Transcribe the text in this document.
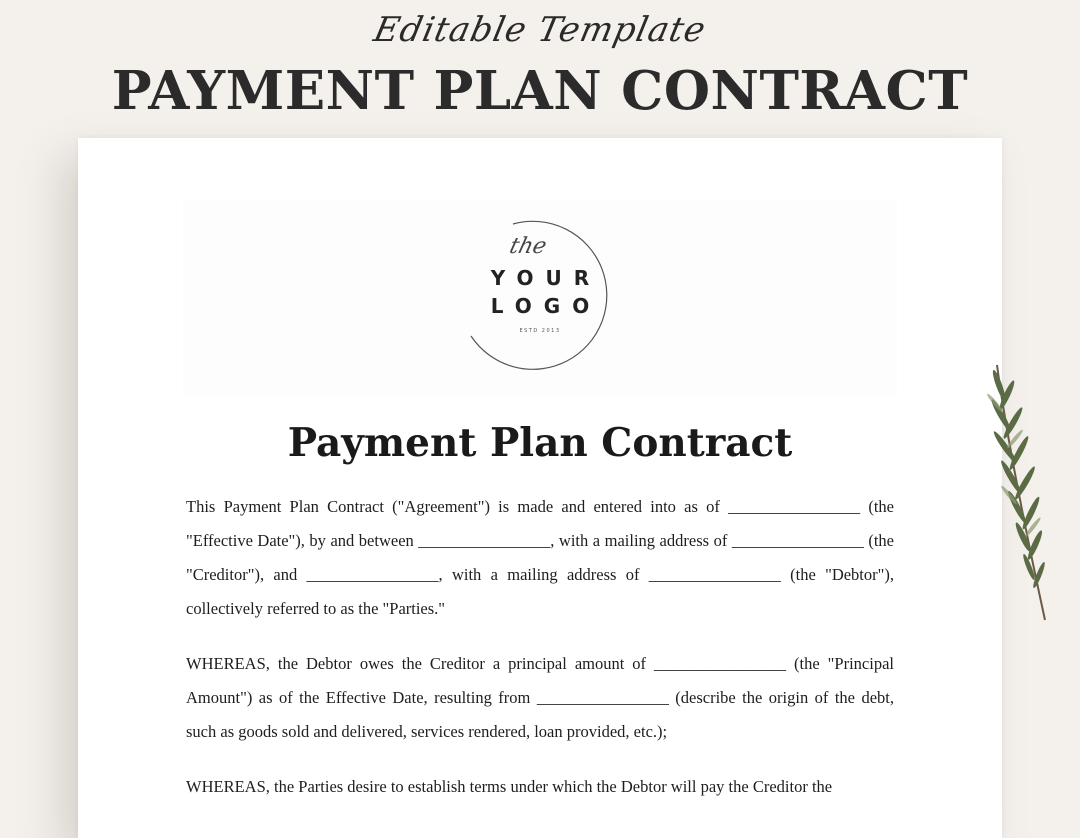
Editable Template
PAYMENT PLAN CONTRACT
the
YOUR
LOGO
ESTD 2013
Payment Plan Contract

This Payment Plan Contract ("Agreement") is made and entered into as of ________________ (the "Effective Date"), by and between ________________, with a mailing address of ________________ (the "Creditor"), and ________________, with a mailing address of ________________ (the "Debtor"), collectively referred to as the "Parties."

WHEREAS, the Debtor owes the Creditor a principal amount of ________________ (the "Principal Amount") as of the Effective Date, resulting from ________________ (describe the origin of the debt, such as goods sold and delivered, services rendered, loan provided, etc.);

WHEREAS, the Parties desire to establish terms under which the Debtor will pay the Creditor the
